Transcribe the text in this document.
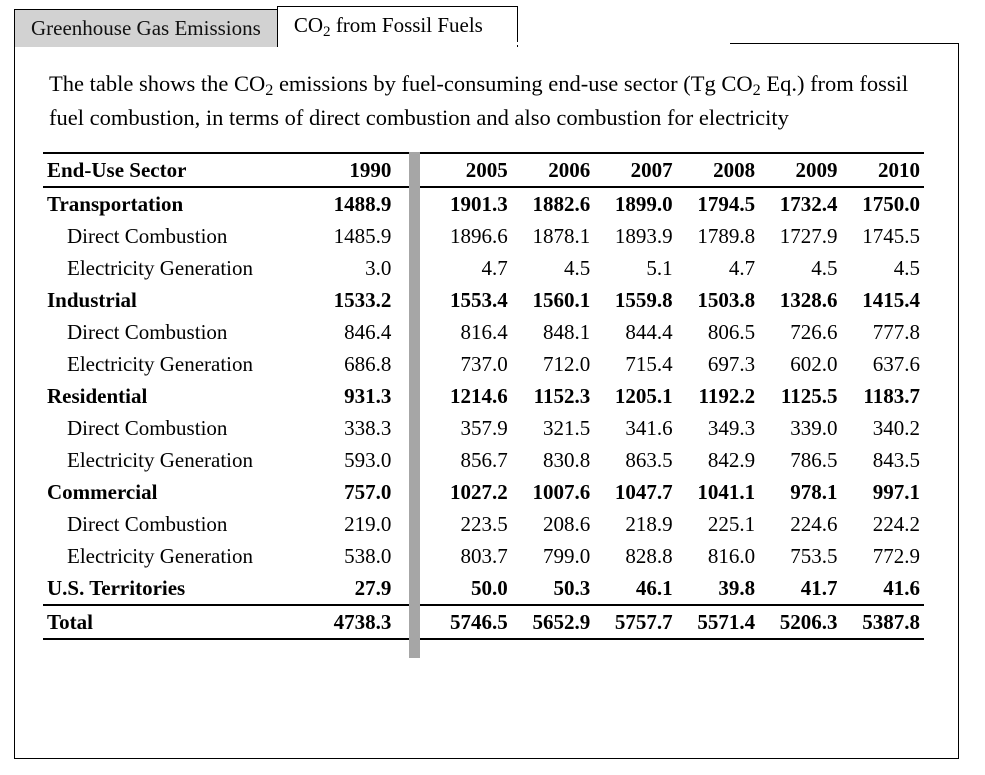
Greenhouse Gas Emissions	$CO_2$ from Fossil Fuels
The table shows the $CO_2$ emissions by fuel-consuming end-use sector (Tg $CO_2$ Eq.) from fossil fuel combustion, in terms of direct combustion and also combustion for electricity
End-Use Sector	1990	2005	2006	2007	2008	2009	2010
Transportation	1488.9	1901.3	1882.6	1899.0	1794.5	1732.4	1750.0
Direct Combustion	1485.9	1896.6	1878.1	1893.9	1789.8	1727.9	1745.5
Electricity Generation	3.0	4.7	4.5	5.1	4.7	4.5	4.5
Industrial	1533.2	1553.4	1560.1	1559.8	1503.8	1328.6	1415.4
Direct Combustion	846.4	816.4	848.1	844.4	806.5	726.6	777.8
Electricity Generation	686.8	737.0	712.0	715.4	697.3	602.0	637.6
Residential	931.3	1214.6	1152.3	1205.1	1192.2	1125.5	1183.7
Direct Combustion	338.3	357.9	321.5	341.6	349.3	339.0	340.2
Electricity Generation	593.0	856.7	830.8	863.5	842.9	786.5	843.5
Commercial	757.0	1027.2	1007.6	1047.7	1041.1	978.1	997.1
Direct Combustion	219.0	223.5	208.6	218.9	225.1	224.6	224.2
Electricity Generation	538.0	803.7	799.0	828.8	816.0	753.5	772.9
U.S. Territories	27.9	50.0	50.3	46.1	39.8	41.7	41.6
Total	4738.3	5746.5	5652.9	5757.7	5571.4	5206.3	5387.8
